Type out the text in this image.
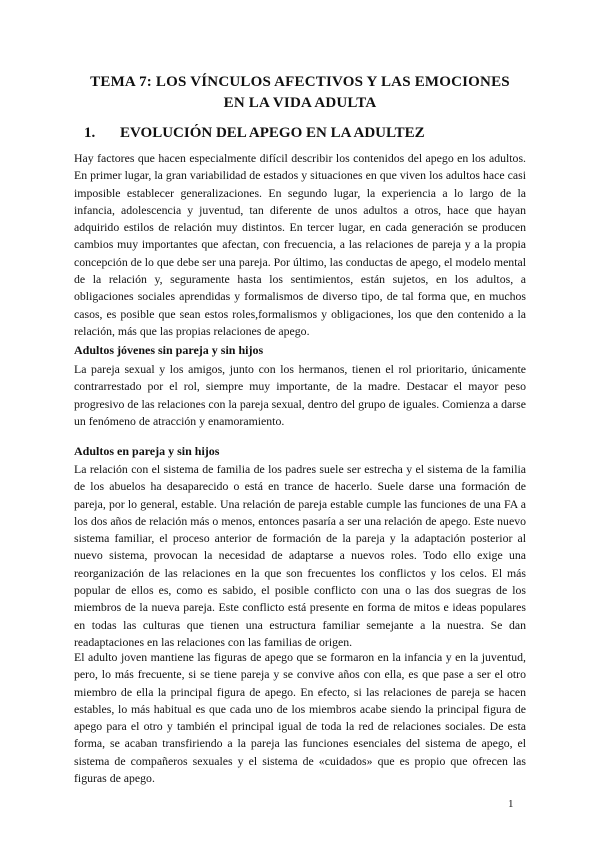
TEMA 7: LOS VÍNCULOS AFECTIVOS Y LAS EMOCIONES EN LA VIDA ADULTA
1. EVOLUCIÓN DEL APEGO EN LA ADULTEZ

Hay factores que hacen especialmente difícil describir los contenidos del apego en los adultos. En primer lugar, la gran variabilidad de estados y situaciones en que viven los adultos hace casi imposible establecer generalizaciones. En segundo lugar, la experiencia a lo largo de la infancia, adolescencia y juventud, tan diferente de unos adultos a otros, hace que hayan adquirido estilos de relación muy distintos. En tercer lugar, en cada generación se producen cambios muy importantes que afectan, con frecuencia, a las relaciones de pareja y a la propia concepción de lo que debe ser una pareja. Por último, las conductas de apego, el modelo mental de la relación y, seguramente hasta los sentimientos, están sujetos, en los adultos, a obligaciones sociales aprendidas y formalismos de diverso tipo, de tal forma que, en muchos casos, es posible que sean estos roles,formalismos y obligaciones, los que den contenido a la relación, más que las propias relaciones de apego.

Adultos jóvenes sin pareja y sin hijos

La pareja sexual y los amigos, junto con los hermanos, tienen el rol prioritario, únicamente contrarrestado por el rol, siempre muy importante, de la madre. Destacar el mayor peso progresivo de las relaciones con la pareja sexual, dentro del grupo de iguales. Comienza a darse un fenómeno de atracción y enamoramiento.

Adultos en pareja y sin hijos

La relación con el sistema de familia de los padres suele ser estrecha y el sistema de la familia de los abuelos ha desaparecido o está en trance de hacerlo. Suele darse una formación de pareja, por lo general, estable. Una relación de pareja estable cumple las funciones de una FA a los dos años de relación más o menos, entonces pasaría a ser una relación de apego. Este nuevo sistema familiar, el proceso anterior de formación de la pareja y la adaptación posterior al nuevo sistema, provocan la necesidad de adaptarse a nuevos roles. Todo ello exige una reorganización de las relaciones en la que son frecuentes los conflictos y los celos. El más popular de ellos es, como es sabido, el posible conflicto con una o las dos suegras de los miembros de la nueva pareja. Este conflicto está presente en forma de mitos e ideas populares en todas las culturas que tienen una estructura familiar semejante a la nuestra. Se dan readaptaciones en las relaciones con las familias de origen.

El adulto joven mantiene las figuras de apego que se formaron en la infancia y en la juventud, pero, lo más frecuente, si se tiene pareja y se convive años con ella, es que pase a ser el otro miembro de ella la principal figura de apego. En efecto, si las relaciones de pareja se hacen estables, lo más habitual es que cada uno de los miembros acabe siendo la principal figura de apego para el otro y también el principal igual de toda la red de relaciones sociales. De esta forma, se acaban transfiriendo a la pareja las funciones esenciales del sistema de apego, el sistema de compañeros sexuales y el sistema de «cuidados» que es propio que ofrecen las figuras de apego.

1
